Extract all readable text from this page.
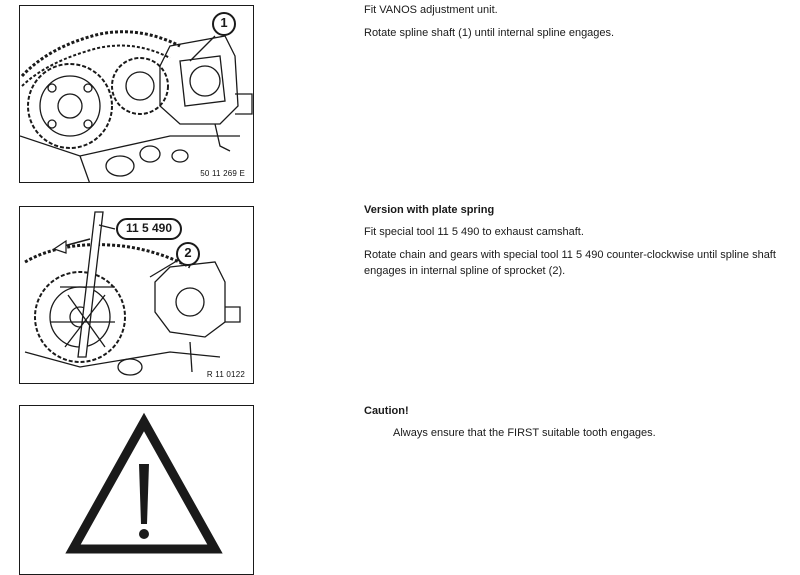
1
50 11 269 E

Fit VANOS adjustment unit.

Rotate spline shaft (1) until internal spline engages.

11 5 490
2
R 11 0122

Version with plate spring

Fit special tool 11 5 490 to exhaust camshaft.

Rotate chain and gears with special tool 11 5 490 counter-clockwise until spline shaft engages in internal spline of sprocket (2).

Caution!

Always ensure that the FIRST suitable tooth engages.
